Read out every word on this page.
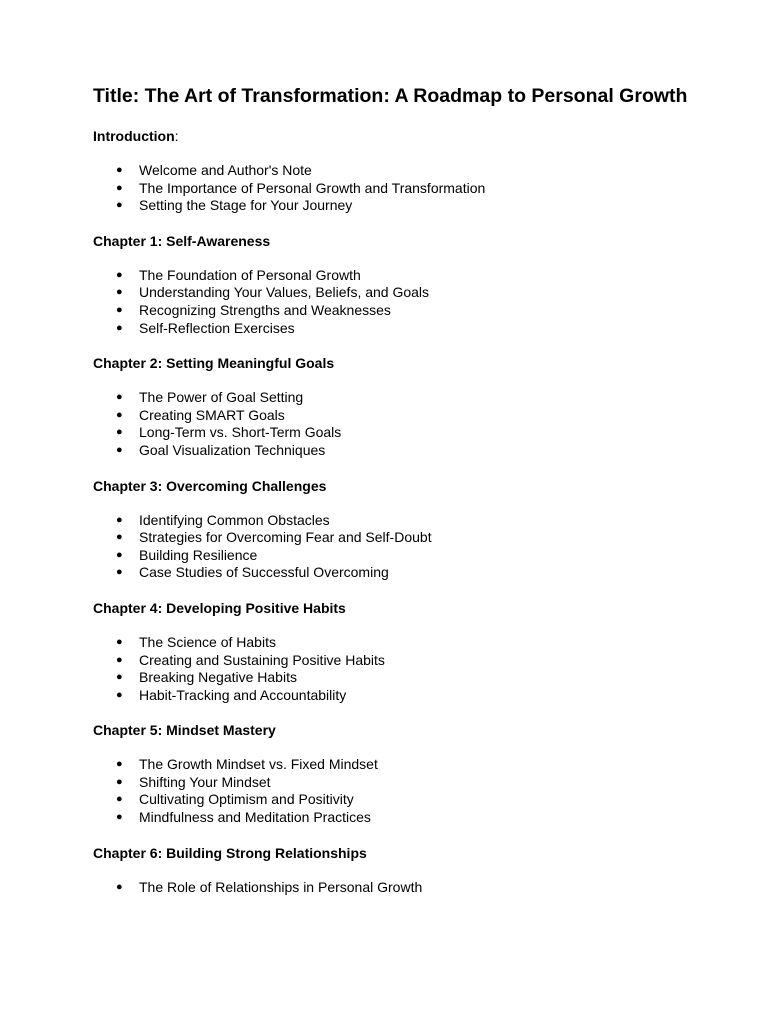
Title: The Art of Transformation: A Roadmap to Personal Growth
Introduction:
● Welcome and Author's Note
● The Importance of Personal Growth and Transformation
● Setting the Stage for Your Journey
Chapter 1: Self-Awareness
● The Foundation of Personal Growth
● Understanding Your Values, Beliefs, and Goals
● Recognizing Strengths and Weaknesses
● Self-Reflection Exercises
Chapter 2: Setting Meaningful Goals
● The Power of Goal Setting
● Creating SMART Goals
● Long-Term vs. Short-Term Goals
● Goal Visualization Techniques
Chapter 3: Overcoming Challenges
● Identifying Common Obstacles
● Strategies for Overcoming Fear and Self-Doubt
● Building Resilience
● Case Studies of Successful Overcoming
Chapter 4: Developing Positive Habits
● The Science of Habits
● Creating and Sustaining Positive Habits
● Breaking Negative Habits
● Habit-Tracking and Accountability
Chapter 5: Mindset Mastery
● The Growth Mindset vs. Fixed Mindset
● Shifting Your Mindset
● Cultivating Optimism and Positivity
● Mindfulness and Meditation Practices
Chapter 6: Building Strong Relationships
● The Role of Relationships in Personal Growth
